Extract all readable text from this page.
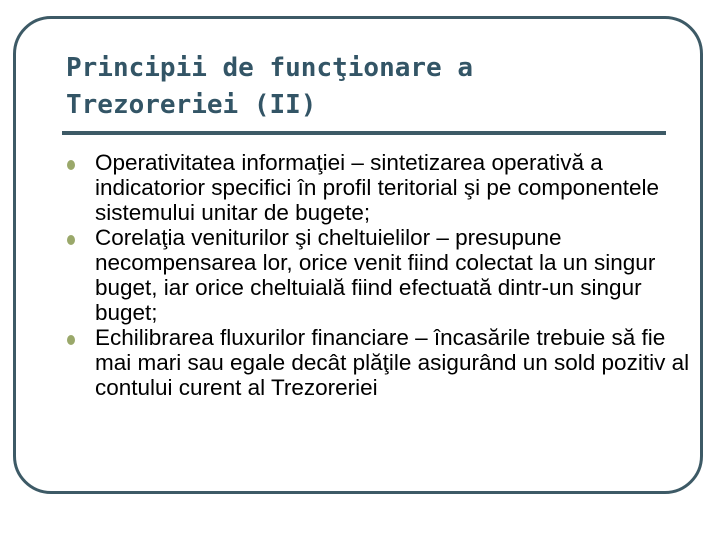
Principii de funcţionare a
Trezoreriei (II)
Operativitatea informaţiei – sintetizarea operativă a indicatorior specifici în profil teritorial şi pe componentele sistemului unitar de bugete;
Corelaţia veniturilor şi cheltuielilor – presupune necompensarea lor, orice venit fiind colectat la un singur buget, iar orice cheltuială fiind efectuată dintr-un singur buget;
Echilibrarea fluxurilor financiare – încasările trebuie să fie mai mari sau egale decât plăţile asigurând un sold pozitiv al contului curent al Trezoreriei
